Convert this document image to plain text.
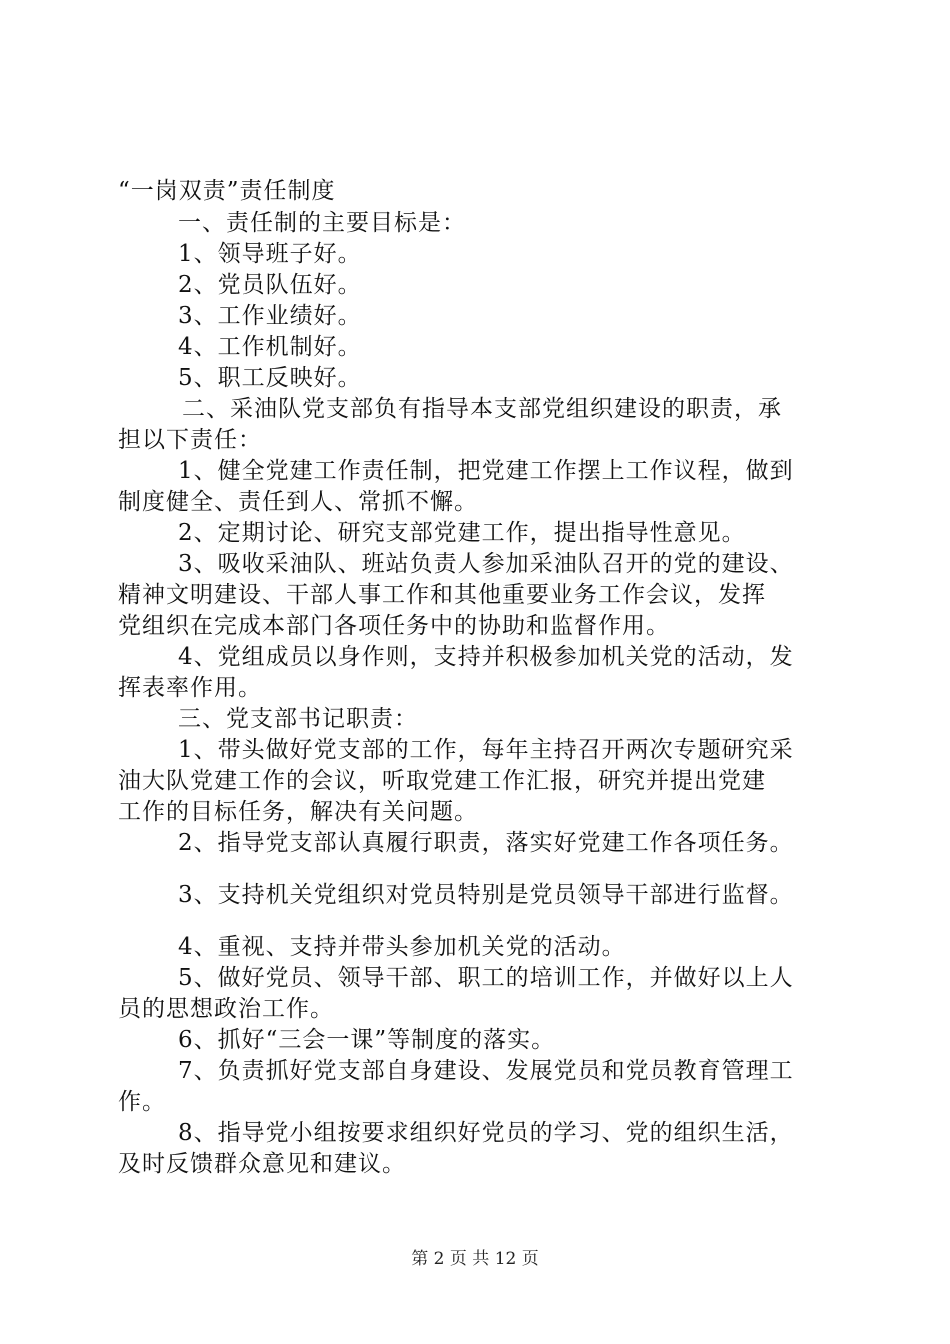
“一岗双责”责任制度
一、责任制的主要目标是：
1、领导班子好。
2、党员队伍好。
3、工作业绩好。
4、工作机制好。
5、职工反映好。
二、采油队党支部负有指导本支部党组织建设的职责，承
担以下责任：
1、健全党建工作责任制，把党建工作摆上工作议程，做到
制度健全、责任到人、常抓不懈。
2、定期讨论、研究支部党建工作，提出指导性意见。
3、吸收采油队、班站负责人参加采油队召开的党的建设、
精神文明建设、干部人事工作和其他重要业务工作会议，发挥
党组织在完成本部门各项任务中的协助和监督作用。
4、党组成员以身作则，支持并积极参加机关党的活动，发
挥表率作用。
三、党支部书记职责：
1、带头做好党支部的工作，每年主持召开两次专题研究采
油大队党建工作的会议，听取党建工作汇报，研究并提出党建
工作的目标任务，解决有关问题。
2、指导党支部认真履行职责，落实好党建工作各项任务。
3、支持机关党组织对党员特别是党员领导干部进行监督。
4、重视、支持并带头参加机关党的活动。
5、做好党员、领导干部、职工的培训工作，并做好以上人
员的思想政治工作。
6、抓好“三会一课”等制度的落实。
7、负责抓好党支部自身建设、发展党员和党员教育管理工
作。
8、指导党小组按要求组织好党员的学习、党的组织生活，
及时反馈群众意见和建议。
第 2 页 共 12 页
